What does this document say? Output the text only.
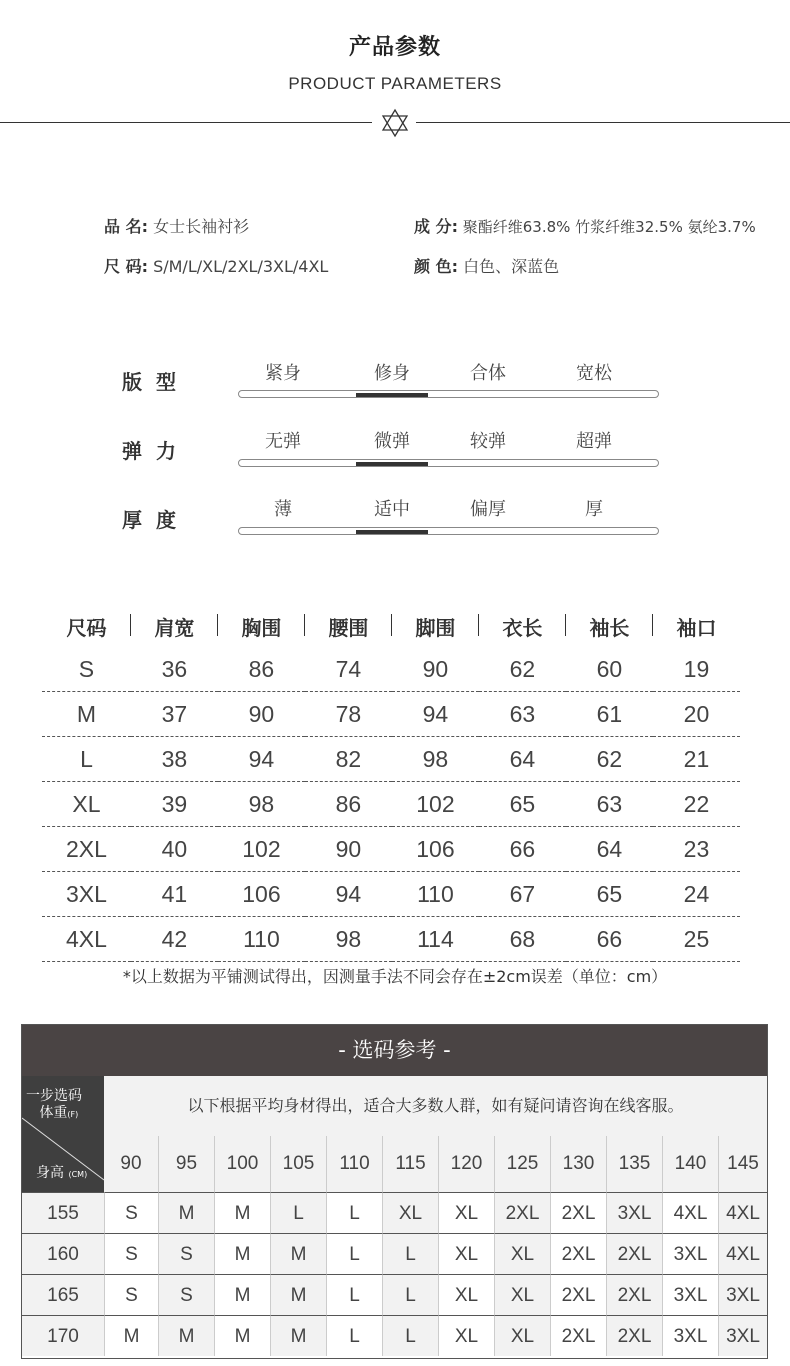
产品参数
PRODUCT PARAMETERS
品 名: 女士长袖衬衫
尺 码: S/M/L/XL/2XL/3XL/4XL
成 分: 聚酯纤维63.8% 竹浆纤维32.5% 氨纶3.7%
颜 色: 白色、深蓝色
版型	紧身	修身	合体	宽松
弹力	无弹	微弹	较弹	超弹
厚度	薄	适中	偏厚	厚
尺码	肩宽	胸围	腰围	脚围	衣长	袖长	袖口
S	36	86	74	90	62	60	19
M	37	90	78	94	63	61	20
L	38	94	82	98	64	62	21
XL	39	98	86	102	65	63	22
2XL	40	102	90	106	66	64	23
3XL	41	106	94	110	67	65	24
4XL	42	110	98	114	68	66	25
*以上数据为平铺测试得出，因测量手法不同会存在±2cm误差（单位：cm）
- 选码参考 -
一步选码
体重(F)
身高 (CM)
以下根据平均身材得出，适合大多数人群，如有疑问请咨询在线客服。
90	95	100	105	110	115	120	125	130	135	140	145
155	S	M	M	L	L	XL	XL	2XL	2XL	3XL	4XL 4XL
160	S	S	M	M	L	L	XL	XL	2XL	2XL	3XL 4XL
165	S	S	M	M	L	L	XL	XL	2XL	2XL	3XL 3XL
170	M	M	M	M	L	L	XL	XL	2XL	2XL	3XL 3XL
